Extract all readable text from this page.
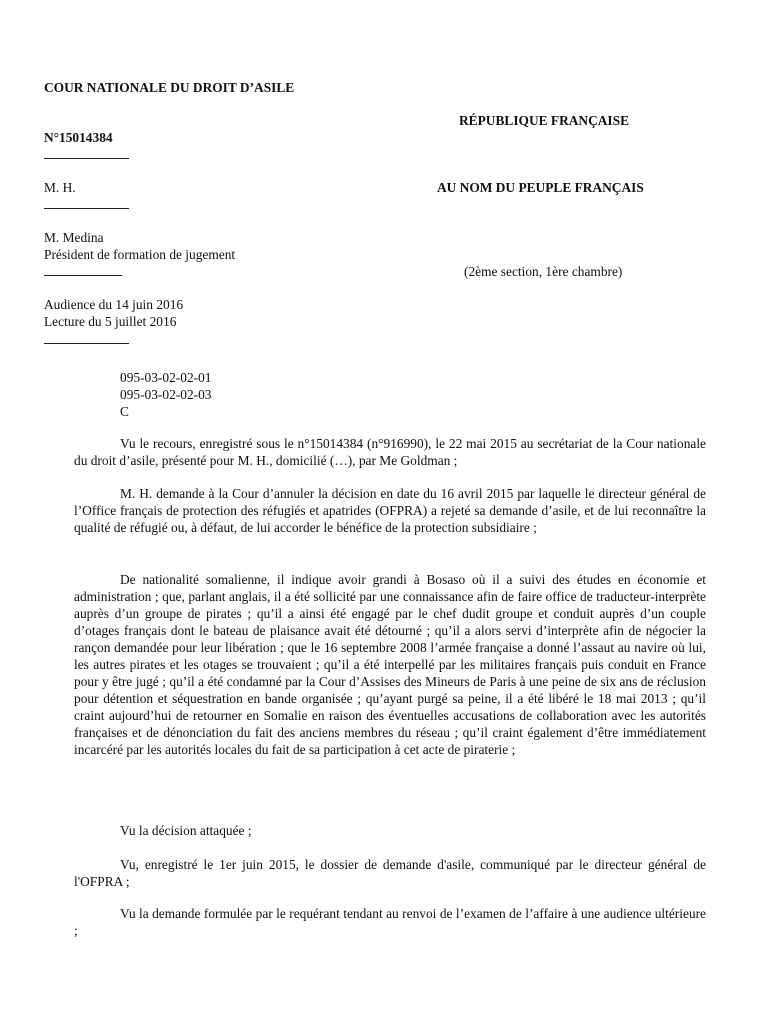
COUR NATIONALE DU DROIT D’ASILE
RÉPUBLIQUE FRANÇAISE
N°15014384
M. H.	AU NOM DU PEUPLE FRANÇAIS
M. Medina
Président de formation de jugement
(2ème section, 1ère chambre)
Audience du 14 juin 2016
Lecture du 5 juillet 2016
095-03-02-02-01
095-03-02-02-03
C
Vu le recours, enregistré sous le n°15014384 (n°916990), le 22 mai 2015 au secrétariat de la Cour nationale du droit d’asile, présenté pour M. H., domicilié (…), par Me Goldman ;
M. H. demande à la Cour d’annuler la décision en date du 16 avril 2015 par laquelle le directeur général de l’Office français de protection des réfugiés et apatrides (OFPRA) a rejeté sa demande d’asile, et de lui reconnaître la qualité de réfugié ou, à défaut, de lui accorder le bénéfice de la protection subsidiaire ;
De nationalité somalienne, il indique avoir grandi à Bosaso où il a suivi des études en économie et administration ; que, parlant anglais, il a été sollicité par une connaissance afin de faire office de traducteur-interprète auprès d’un groupe de pirates ; qu’il a ainsi été engagé par le chef dudit groupe et conduit auprès d’un couple d’otages français dont le bateau de plaisance avait été détourné ; qu’il a alors servi d’interprète afin de négocier la rançon demandée pour leur libération ; que le 16 septembre 2008 l’armée française a donné l’assaut au navire où lui, les autres pirates et les otages se trouvaient ; qu’il a été interpellé par les militaires français puis conduit en France pour y être jugé ; qu’il a été condamné par la Cour d’Assises des Mineurs de Paris à une peine de six ans de réclusion pour détention et séquestration en bande organisée ; qu’ayant purgé sa peine, il a été libéré le 18 mai 2013 ; qu’il craint aujourd’hui de retourner en Somalie en raison des éventuelles accusations de collaboration avec les autorités françaises et de dénonciation du fait des anciens membres du réseau ; qu’il craint également d’être immédiatement incarcéré par les autorités locales du fait de sa participation à cet acte de piraterie ;
Vu la décision attaquée ;
Vu, enregistré le 1er juin 2015, le dossier de demande d'asile, communiqué par le directeur général de l'OFPRA ;
Vu la demande formulée par le requérant tendant au renvoi de l’examen de l’affaire à une audience ultérieure ;
